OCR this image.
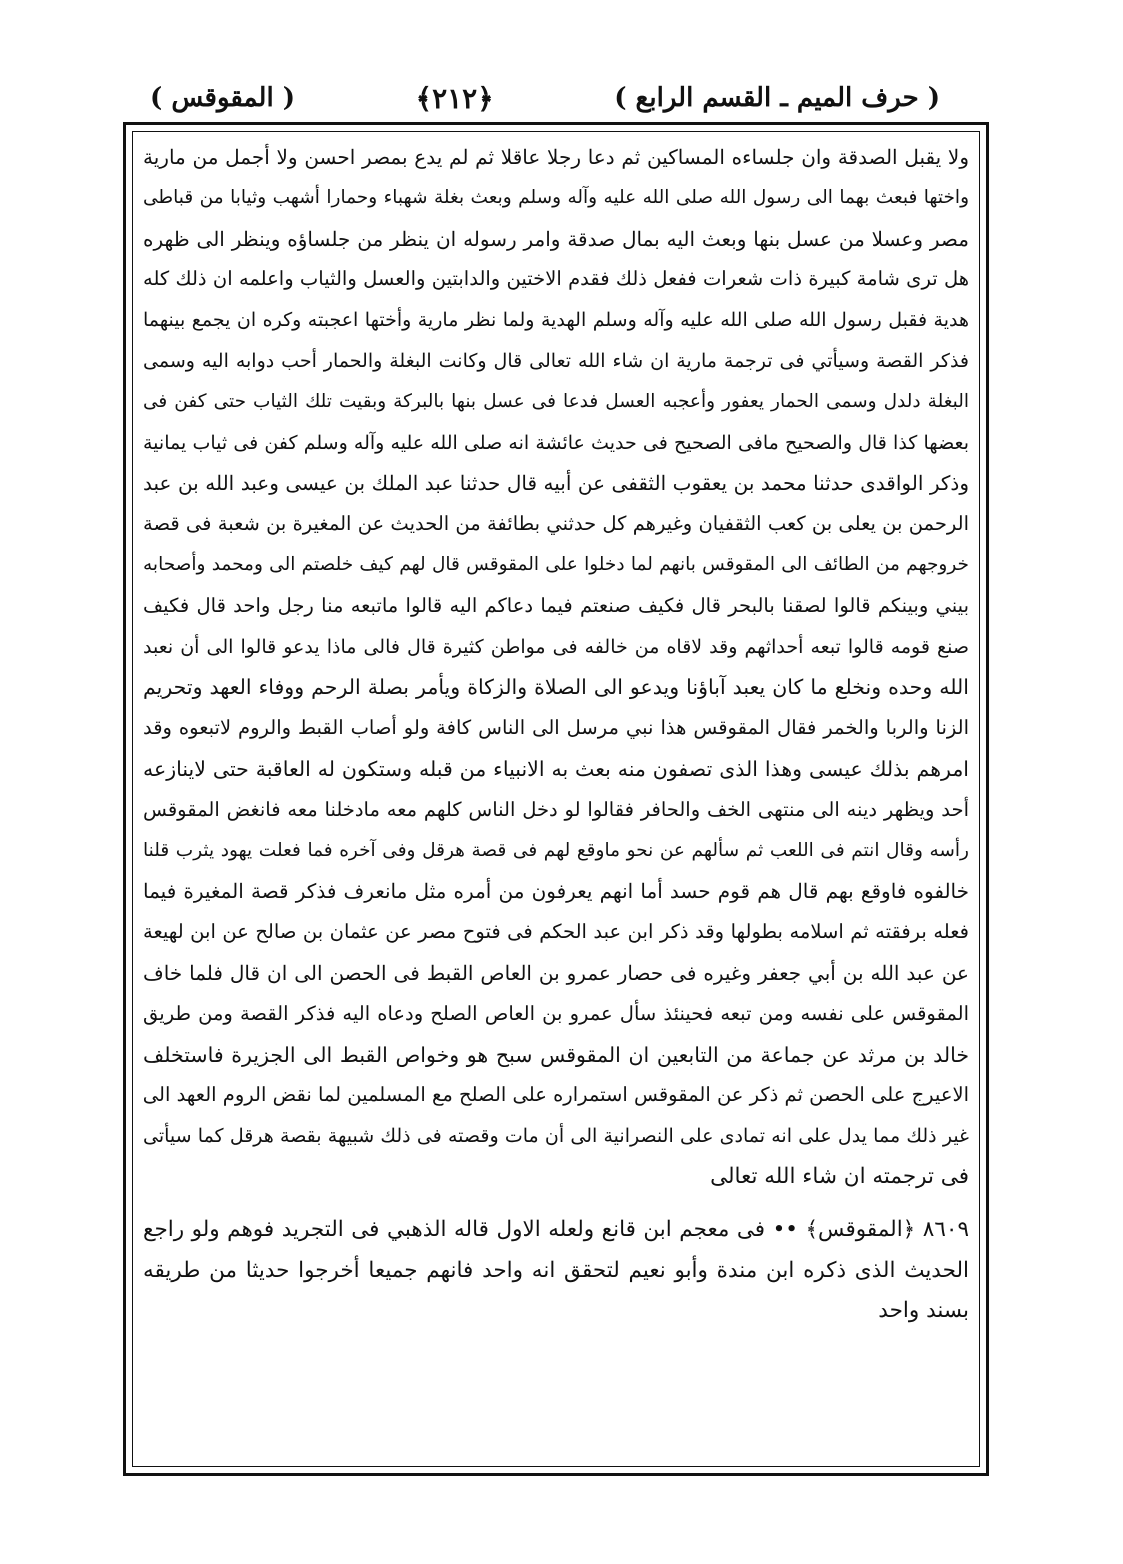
( حرف الميم ـ القسم الرابع )
﴿٢١٢﴾
( المقوقس )

ولا يقبل الصدقة وان جلساءه المساكين ثم دعا رجلا عاقلا ثم لم يدع بمصر احسن ولا أجمل من مارية

واختها فبعث بهما الى رسول الله صلى الله عليه وآله وسلم وبعث بغلة شهباء وحمارا أشهب وثيابا من قباطى

مصر وعسلا من عسل بنها وبعث اليه بمال صدقة وامر رسوله ان ينظر من جلساؤه وينظر الى ظهره

هل ترى شامة كبيرة ذات شعرات ففعل ذلك فقدم الاختين والدابتين والعسل والثياب واعلمه ان ذلك كله

هدية فقبل رسول الله صلى الله عليه وآله وسلم الهدية ولما نظر مارية وأختها اعجبته وكره ان يجمع بينهما

فذكر القصة وسيأتي فى ترجمة مارية ان شاء الله تعالى قال وكانت البغلة والحمار أحب دوابه اليه وسمى

البغلة دلدل وسمى الحمار يعفور وأعجبه العسل فدعا فى عسل بنها بالبركة وبقيت تلك الثياب حتى كفن فى

بعضها كذا قال والصحيح مافى الصحيح فى حديث عائشة انه صلى الله عليه وآله وسلم كفن فى ثياب يمانية

وذكر الواقدى حدثنا محمد بن يعقوب الثقفى عن أبيه قال حدثنا عبد الملك بن عيسى وعبد الله بن عبد

الرحمن بن يعلى بن كعب الثقفيان وغيرهم كل حدثني بطائفة من الحديث عن المغيرة بن شعبة فى قصة

خروجهم من الطائف الى المقوقس بانهم لما دخلوا على المقوقس قال لهم كيف خلصتم الى ومحمد وأصحابه

بيني وبينكم قالوا لصقنا بالبحر قال فكيف صنعتم فيما دعاكم اليه قالوا ماتبعه منا رجل واحد قال فكيف

صنع قومه قالوا تبعه أحداثهم وقد لاقاه من خالفه فى مواطن كثيرة قال فالى ماذا يدعو قالوا الى أن نعبد

الله وحده ونخلع ما كان يعبد آباؤنا ويدعو الى الصلاة والزكاة ويأمر بصلة الرحم ووفاء العهد وتحريم

الزنا والربا والخمر فقال المقوقس هذا نبي مرسل الى الناس كافة ولو أصاب القبط والروم لاتبعوه وقد

امرهم بذلك عيسى وهذا الذى تصفون منه بعث به الانبياء من قبله وستكون له العاقبة حتى لاينازعه

أحد ويظهر دينه الى منتهى الخف والحافر فقالوا لو دخل الناس كلهم معه مادخلنا معه فانغض المقوقس

رأسه وقال انتم فى اللعب ثم سألهم عن نحو ماوقع لهم فى قصة هرقل وفى آخره فما فعلت يهود يثرب قلنا

خالفوه فاوقع بهم قال هم قوم حسد أما انهم يعرفون من أمره مثل مانعرف فذكر قصة المغيرة فيما

فعله برفقته ثم اسلامه بطولها وقد ذكر ابن عبد الحكم فى فتوح مصر عن عثمان بن صالح عن ابن لهيعة

عن عبد الله بن أبي جعفر وغيره فى حصار عمرو بن العاص القبط فى الحصن الى ان قال فلما خاف

المقوقس على نفسه ومن تبعه فحينئذ سأل عمرو بن العاص الصلح ودعاه اليه فذكر القصة ومن طريق

خالد بن مرثد عن جماعة من التابعين ان المقوقس سبح هو وخواص القبط الى الجزيرة فاستخلف

الاعيرج على الحصن ثم ذكر عن المقوقس استمراره على الصلح مع المسلمين لما نقض الروم العهد الى

غير ذلك مما يدل على انه تمادى على النصرانية الى أن مات وقصته فى ذلك شبيهة بقصة هرقل كما سيأتى

فى ترجمته ان شاء الله تعالى

٨٦٠٩ ﴿المقوقس﴾ •• فى معجم ابن قانع ولعله الاول قاله الذهبي فى التجريد فوهم ولو راجع

الحديث الذى ذكره ابن مندة وأبو نعيم لتحقق انه واحد فانهم جميعا أخرجوا حديثا من طريقه

بسند واحد
